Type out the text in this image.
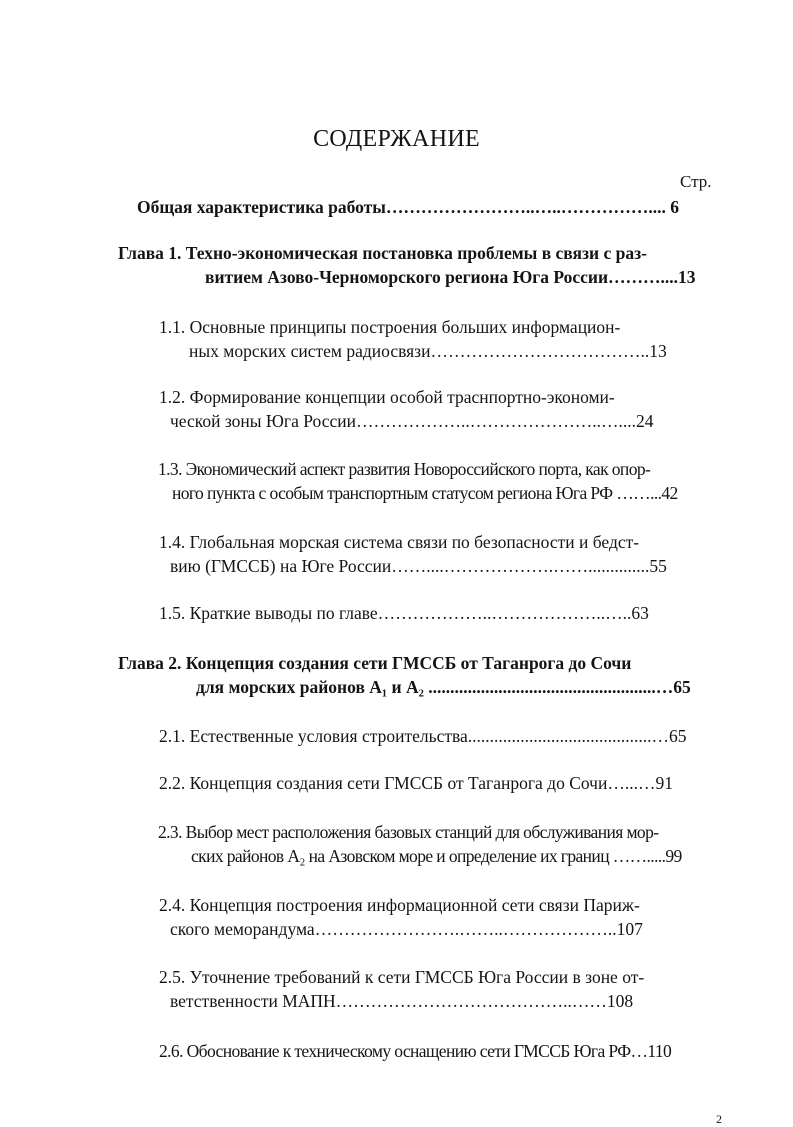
СОДЕРЖАНИЕ
Стр.
Общая характеристика работы……………………..…..…………….... 6
Глава 1. Техно-экономическая постановка проблемы в связи с раз-
витием Азово-Черноморского региона Юга России………....13
1.1. Основные принципы построения больших информацион-
ных морских систем радиосвязи………………………………..13
1.2. Формирование концепции особой траснпортно-экономи-
ческой зоны Юга России………………..…………………..…....24
1.3. Экономический аспект развития Новороссийского порта, как опор-
ного пункта с особым транспортным статусом региона Юга РФ ……...42
1.4. Глобальная морская система связи по безопасности и бедст-
вию (ГМССБ) на Юге России……....……………….……..............55
1.5. Краткие выводы по главе………………..………………..…..63
Глава 2. Концепция создания сети ГМССБ от Таганрога до Сочи
для морских районов A₁ и A₂ ....................................................…65
2.1. Естественные условия строительства..........................................…65
2.2. Концепция создания сети ГМССБ от Таганрога до Сочи…...…91
2.3. Выбор мест расположения базовых станций для обслуживания мор-
ских районов A₂ на Азовском море и определение их границ …….....99
2.4. Концепция построения информационной сети связи Париж-
ского меморандума…………………….……..………………..107
2.5. Уточнение требований к сети ГМССБ Юга России в зоне от-
ветственности МАПН…………………………………..……108
2.6. Обоснование к техническому оснащению сети ГМССБ Юга РФ…110
2
